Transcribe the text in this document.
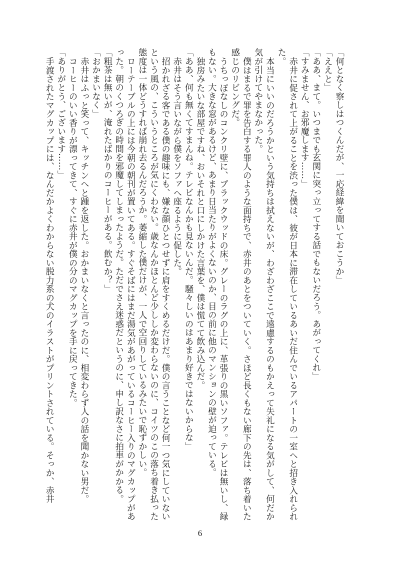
「何となく察しはつくんだが、一応経緯を聞いておこうか」

「ええと」

「ああ、まて。いつまでも玄関に突っ立ってする話でもないだろう。あがってくれ」

「すみません、お邪魔します……」

赤井に促されて上がることを渋った僕は、彼が日本に滞在しているあいだ住んでいるアパートの一室へと招き入れられた。

本当にいいのだろうかという気持ちは拭えないが、わざわざここで遠慮するのもかえって失礼になる気がして、何だか気が引けてやまなかった。

僕はまるで罪を告白する罪人のような面持ちで、赤井のあとをついていく。さほど長くもない廊下の先は、落ち着いた感じのリビングだ。

うちっぽなしのコンクリ壁に、ブラックウッドの床。グレーのラグの上に、革張りの黒いソファ。テレビは無いし、緑もない。大きな窓があるけど、あまり日当たりがよくないのか、目の前に他のマンションの壁が迫っている。

独房みたいな部屋ですね、おいそれと口にしかけた言葉を、僕は慌てて飲み込んだ。

「ああ、何も無くてすまんね。テレビなんかも見ないんだ。騒々しいのはあまり好きではないからな」

赤井はそう言いながら僕をソファへ座るように促した。

招かれざる客である僕の趣味にも、嫌な顔ひとつせずに肩をすくめるだけだ。僕の言うことなど何一つ気にしていないという風の、こういうところが気にくわない。歳なんかほとんど少ししか変わらないのに、コイツのこの落ち着き払った態度は一体どうすれば崩れ去るんだろうか。萎縮した僕だけが、一人で空回りしているみたいで恥ずかしい。

ローテーブルの上には今朝の朝刊が置いてある。すぐそばにはまだ湯気があがっているコーヒー入りのマグカップがあった。朝のくつろぎの時間を邪魔してしまったようだ。ただでさえ迷惑だというのに、申し訳なさに拍車がかかる。

「粗茶は無いが、淹れたばかりのコーヒーがある。飲むか？」

「おかまいなく」

赤井はふっと笑って、キッチンへと踵を返した。おかまいなくと言ったのに、相変わらず人の話を聞かない男だ。

コーヒーのいい香りが漂ってきて、すぐに赤井が僕の分のマグカップを手に戻ってきた。

「ありがとう、ございます……」

手渡されたマグカップには、なんだかよくわからない脱力系の犬のイラストがプリントされている。そっか、赤井

6
